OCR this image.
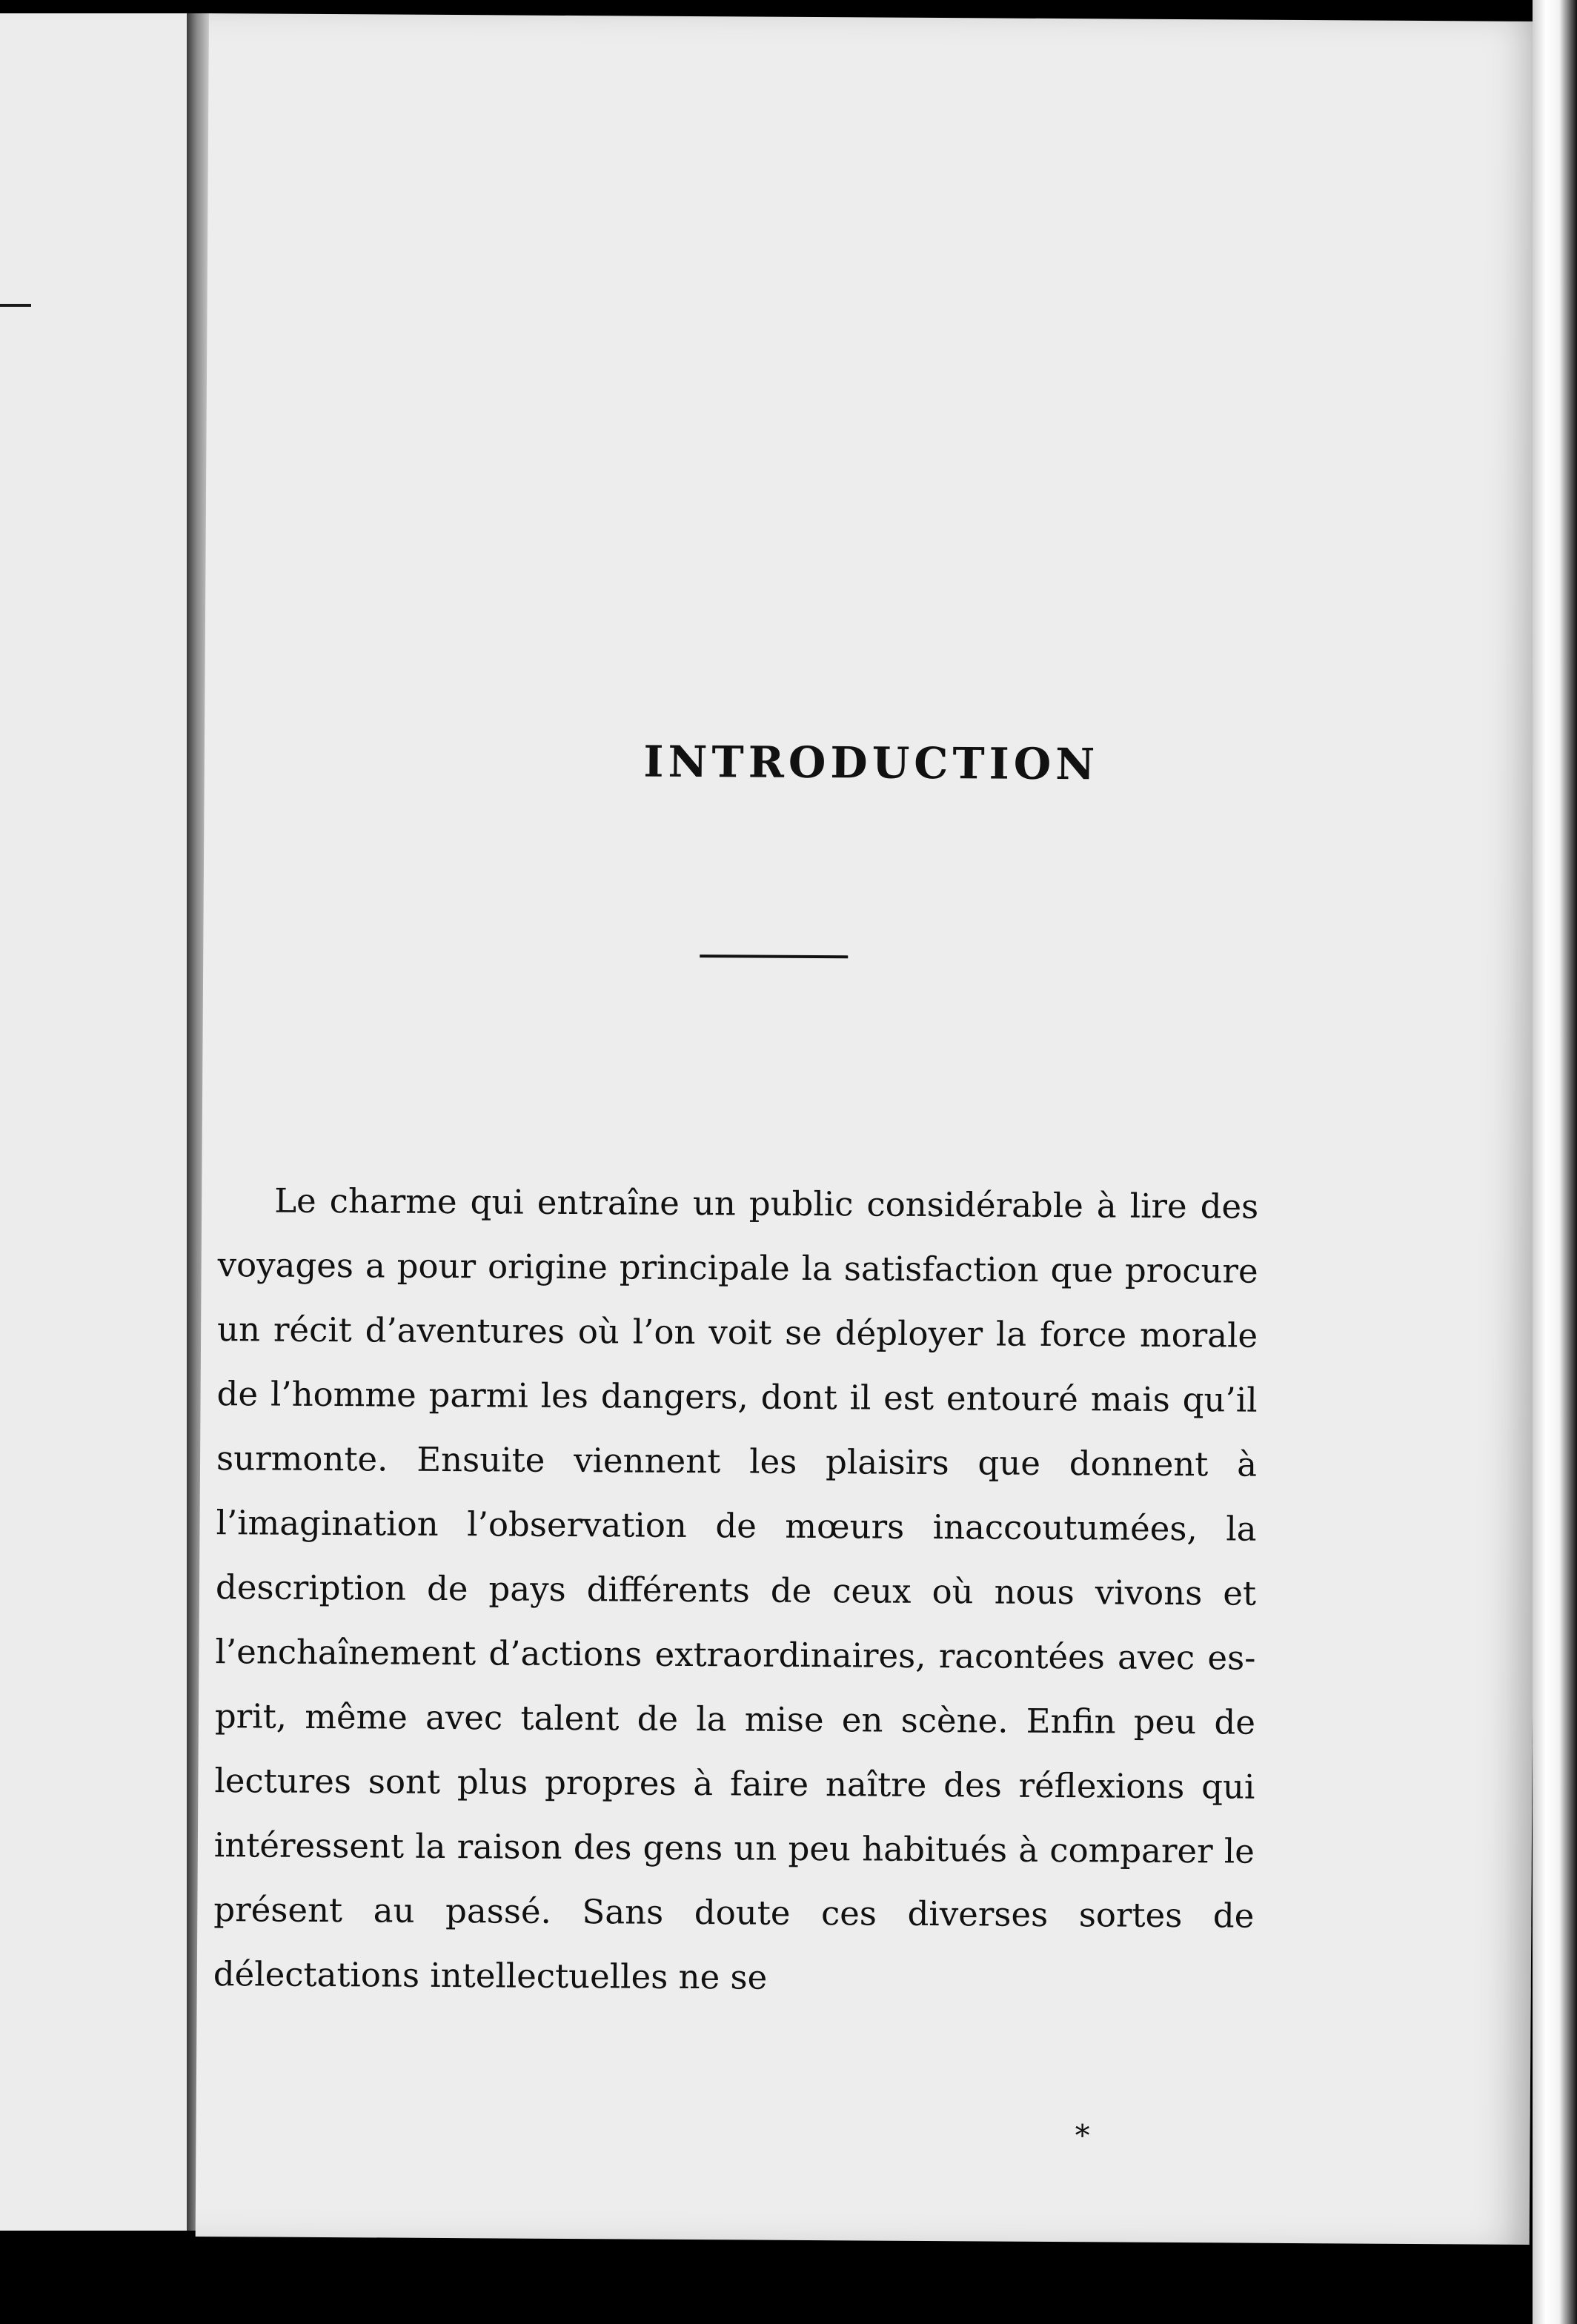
INTRODUCTION

Le charme qui entraîne un public considérable à lire des voyages a pour origine principale la satisfaction que procure un récit d’aventures où l’on voit se déployer la force morale de l’homme parmi les dangers, dont il est entouré mais qu’il surmonte. Ensuite viennent les plaisirs que donnent à l’imagination l’observation de mœurs inaccoutumées, la description de pays différents de ceux où nous vivons et l’enchaînement d’actions extraordinaires, racontées avec esprit, même avec talent de la mise en scène. Enfin peu de lectures sont plus propres à faire naître des réflexions qui intéressent la raison des gens un peu habitués à comparer le présent au passé. Sans doute ces diverses sortes de délectations intellectuelles ne se

*
